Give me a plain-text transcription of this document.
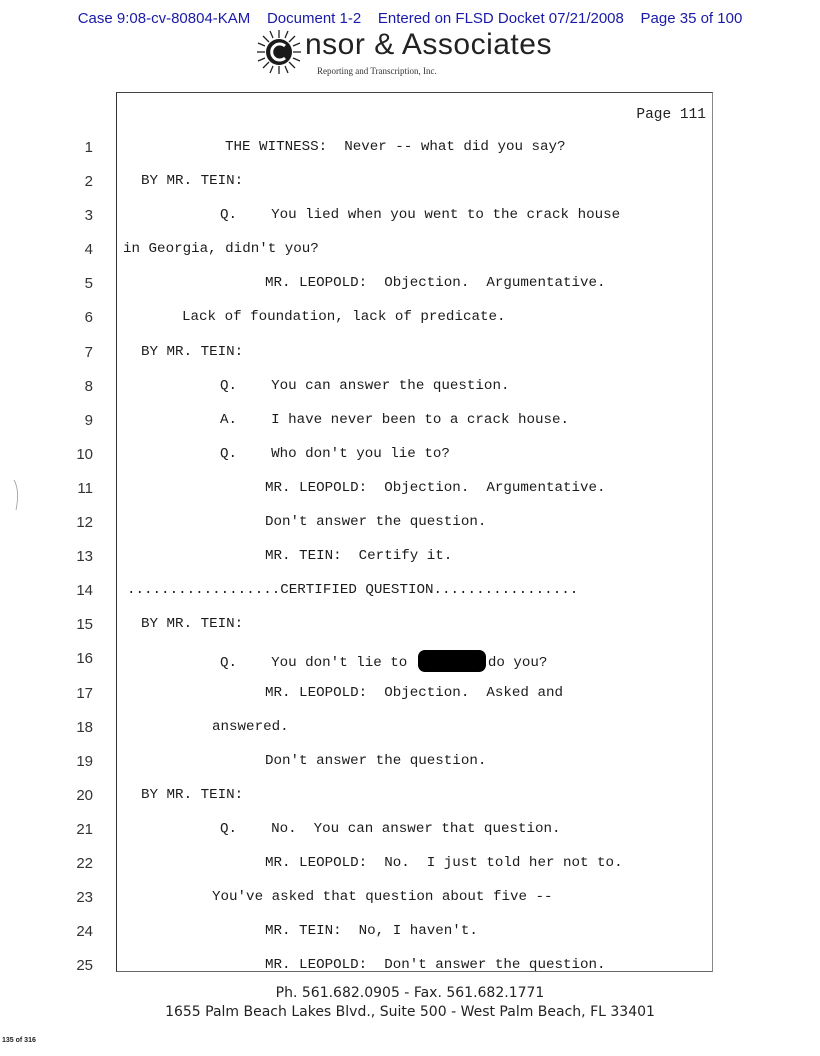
Case 9:08-cv-80804-KAM
Document 1-2
Entered on FLSD Docket 07/21/2008
Page 35 of 100
nsor & Associates
Reporting and Transcription, Inc.
Page 111
1	THE WITNESS:  Never -- what did you say?
2	BY MR. TEIN:
3	Q.    You lied when you went to the crack house
4 in Georgia, didn't you?
5	MR. LEOPOLD:  Objection.  Argumentative.
6	Lack of foundation, lack of predicate.
7	BY MR. TEIN:
8	Q.    You can answer the question.
9	A.    I have never been to a crack house.
10	Q.    Who don't you lie to?
11	MR. LEOPOLD:  Objection.  Argumentative.
12	Don't answer the question.
13	MR. TEIN:  Certify it.
14 ..................CERTIFIED QUESTION.................
15	BY MR. TEIN:
16	Q.    You don't lie to	do you?
17	MR. LEOPOLD:  Objection.  Asked and
18	answered.
19	Don't answer the question.
20	BY MR. TEIN:
21	Q.    No.  You can answer that question.
22	MR. LEOPOLD:  No.  I just told her not to.
23	You've asked that question about five --
24	MR. TEIN:  No, I haven't.
25	MR. LEOPOLD:  Don't answer the question.
Ph. 561.682.0905 - Fax. 561.682.1771
1655 Palm Beach Lakes Blvd., Suite 500 - West Palm Beach, FL 33401
135 of 316
